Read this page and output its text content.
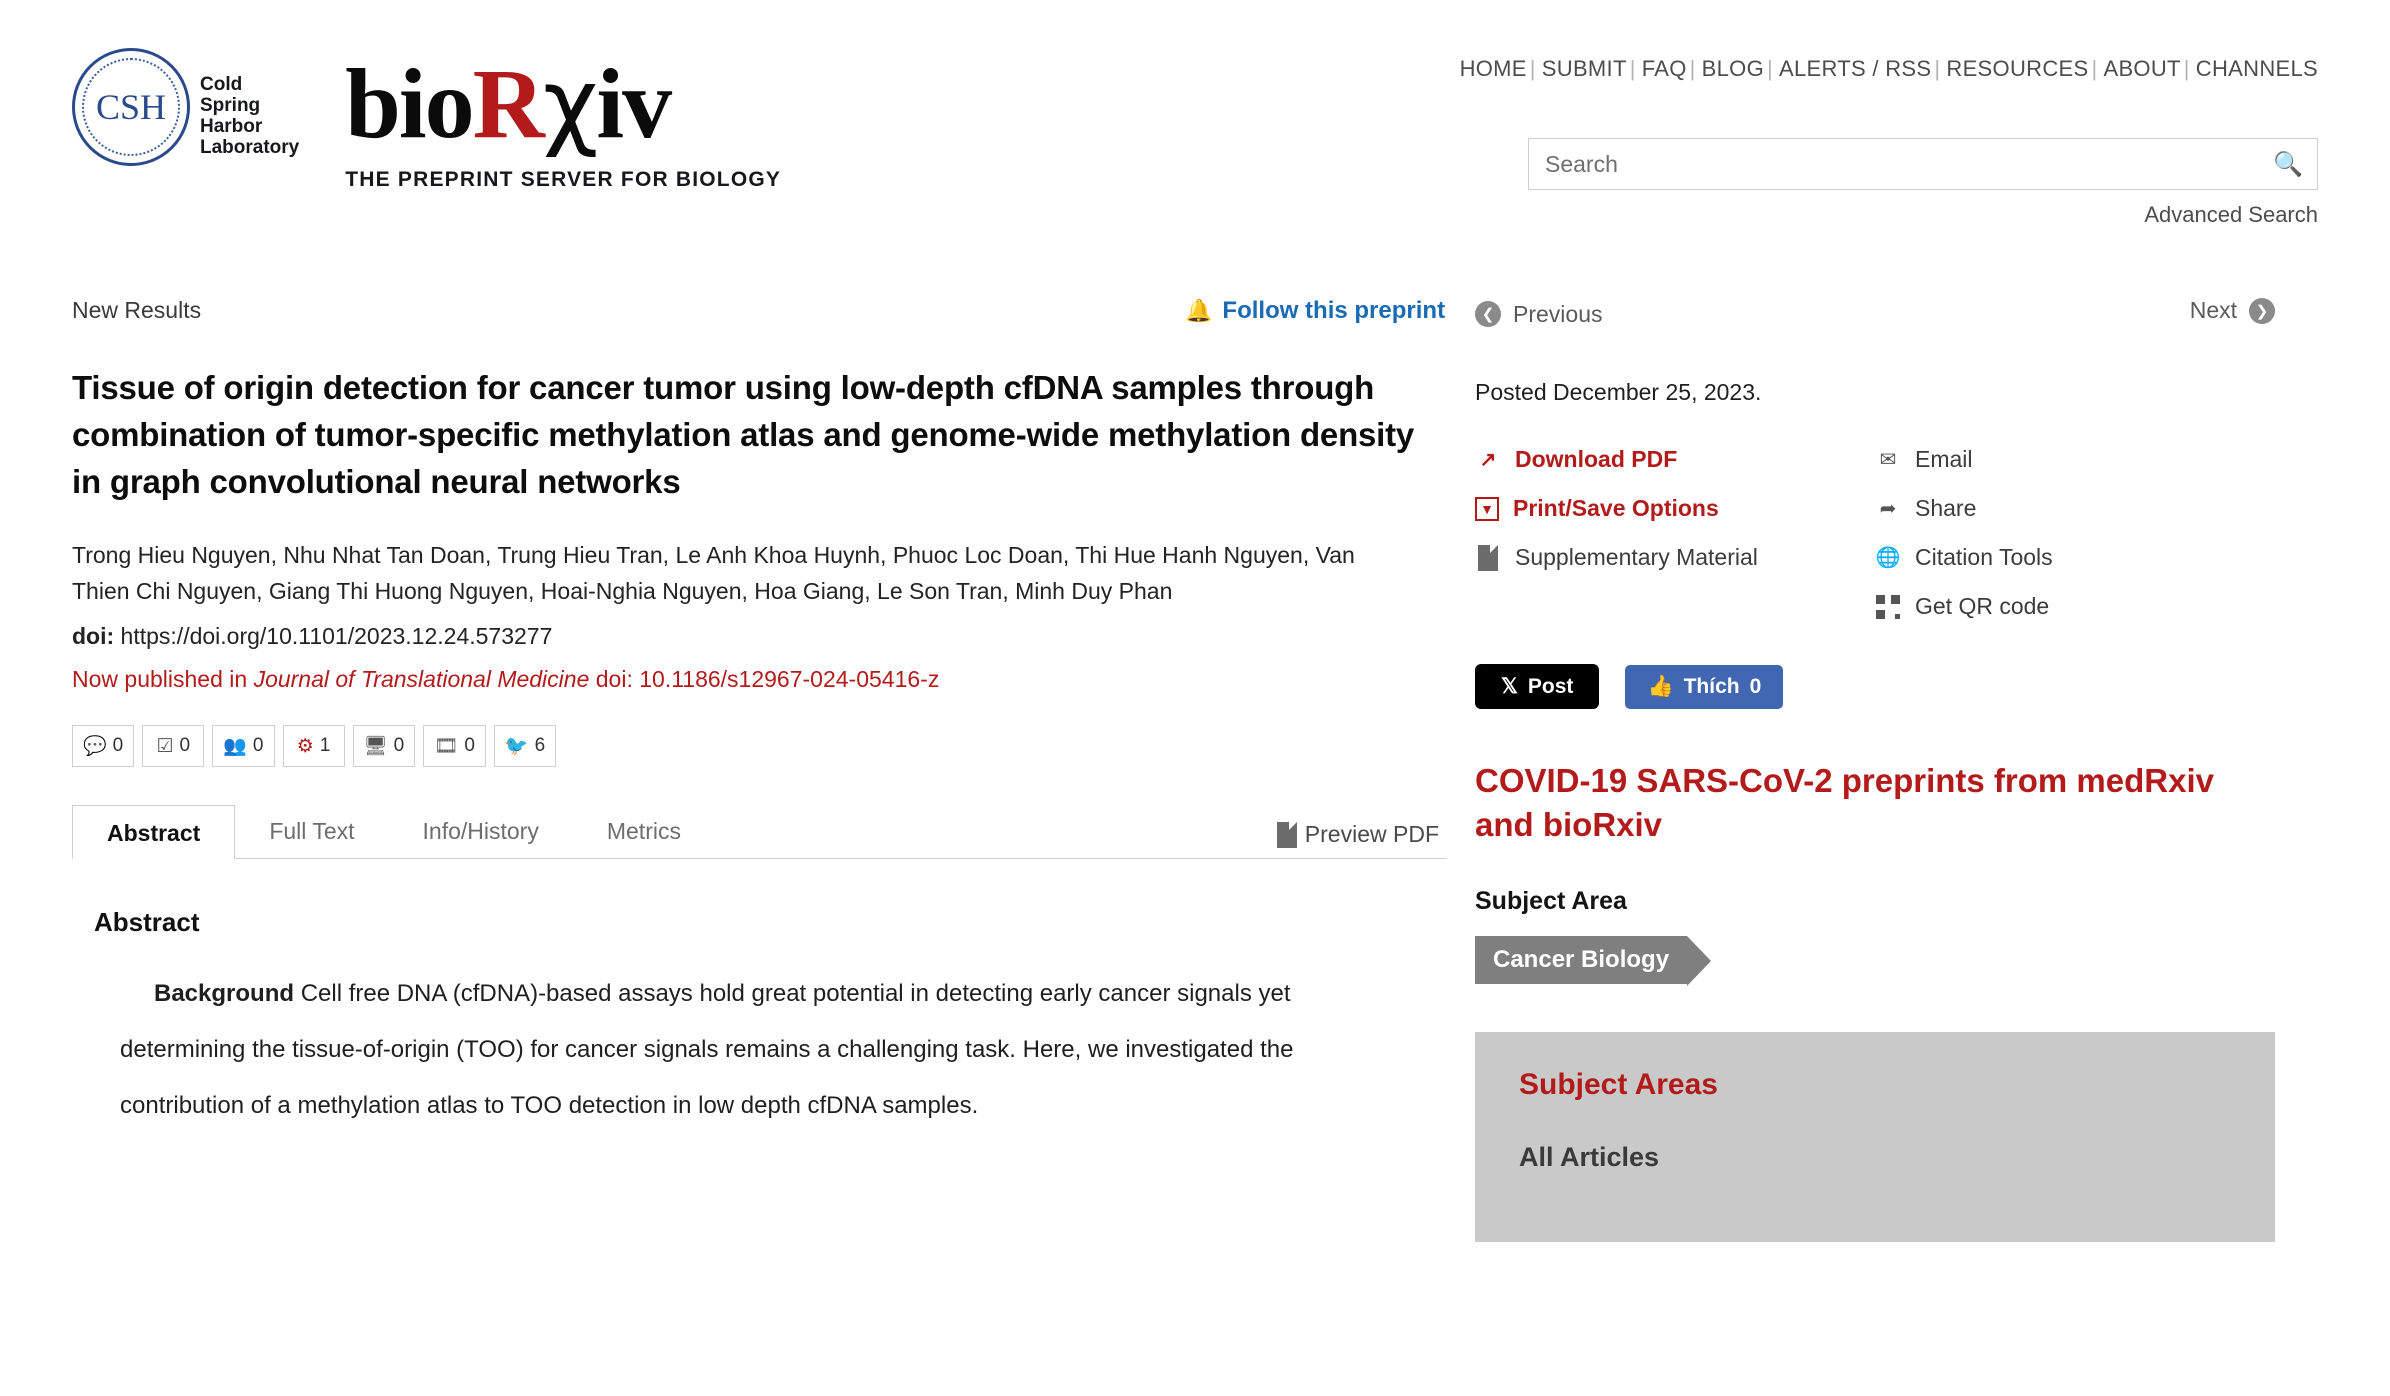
CSH
Cold
Spring
Harbor
Laboratory bioRχiv
THE PREPRINT SERVER FOR BIOLOGY
HOME | SUBMIT | FAQ | BLOG | ALERTS / RSS | RESOURCES | ABOUT | CHANNELS
Search
🔍
Advanced Search
New Results
Tissue of origin detection for cancer tumor using low-depth cfDNA samples through combination of tumor-specific methylation atlas and genome-wide methylation density in graph convolutional neural networks
Trong Hieu Nguyen, Nhu Nhat Tan Doan, Trung Hieu Tran, Le Anh Khoa Huynh, Phuoc Loc Doan, Thi Hue Hanh Nguyen, Van Thien Chi Nguyen, Giang Thi Huong Nguyen, Hoai-Nghia Nguyen, Hoa Giang, Le Son Tran, Minh Duy Phan
doi: https://doi.org/10.1101/2023.12.24.573277
Now published in Journal of Translational Medicine doi: 10.1186/s12967-024-05416-z
💬 0 ☑ 0 👥 0 ⚙ 1 🖥 0 🎞 0 🐦 6
Abstract	Full Text	Info/History	Metrics	Preview PDF
Abstract
Background Cell free DNA (cfDNA)-based assays hold great potential in detecting early cancer signals yet determining the tissue-of-origin (TOO) for cancer signals remains a challenging task. Here, we investigated the contribution of a methylation atlas to TOO detection in low depth cfDNA samples.
🔔 Follow this preprint	❮ Previous	Next	❯
Posted December 25, 2023.
↗ Download PDF
▼ Print/Save Options
Supplementary Material
✉ Email
➦ Share
🌐 Citation Tools
Get QR code
𝕏 Post	👍 Thích 0
COVID-19 SARS-CoV-2 preprints from medRxiv and bioRxiv
Subject Area
Cancer Biology
Subject Areas
All Articles
